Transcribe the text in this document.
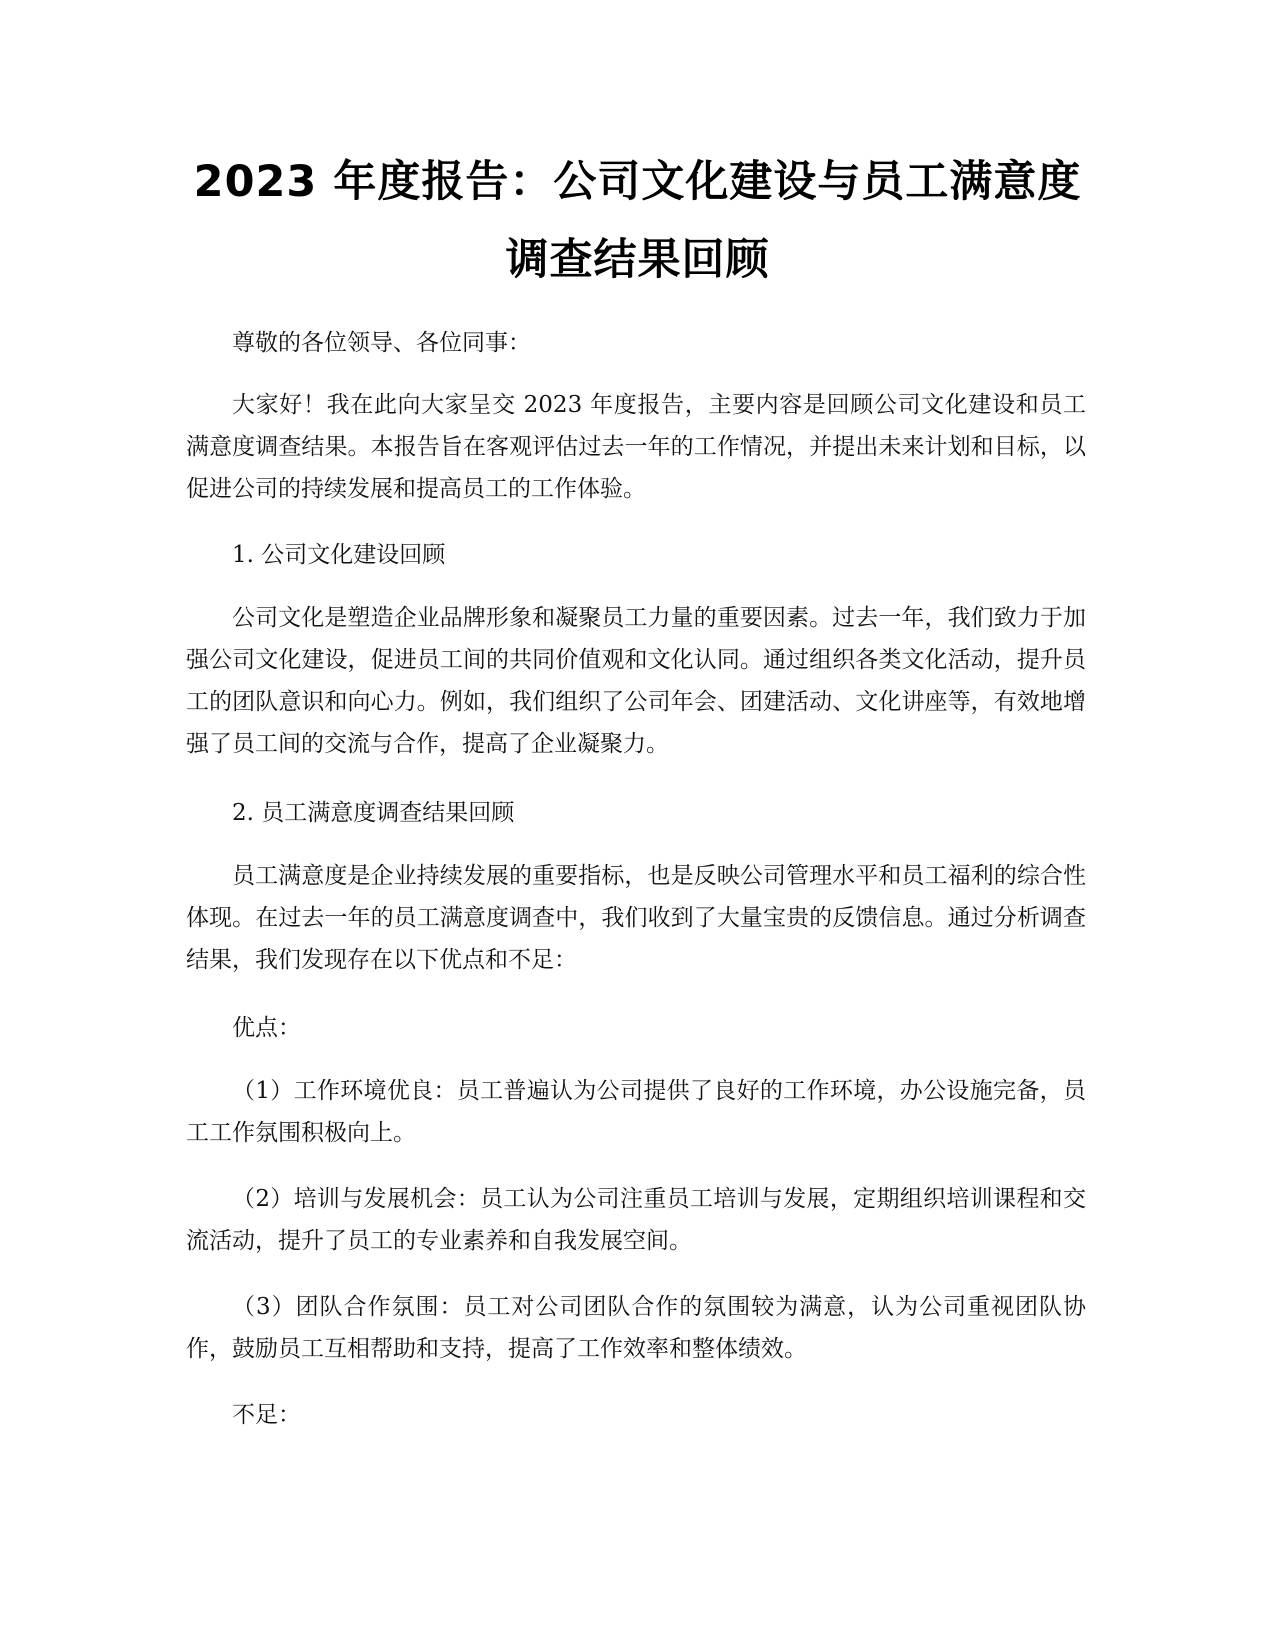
2023 年度报告：公司文化建设与员工满意度
调查结果回顾

尊敬的各位领导、各位同事：

大家好！我在此向大家呈交 2023 年度报告，主要内容是回顾公司文化建设和员工满意度调查结果。本报告旨在客观评估过去一年的工作情况，并提出未来计划和目标，以促进公司的持续发展和提高员工的工作体验。

1. 公司文化建设回顾

公司文化是塑造企业品牌形象和凝聚员工力量的重要因素。过去一年，我们致力于加强公司文化建设，促进员工间的共同价值观和文化认同。通过组织各类文化活动，提升员工的团队意识和向心力。例如，我们组织了公司年会、团建活动、文化讲座等，有效地增强了员工间的交流与合作，提高了企业凝聚力。

2. 员工满意度调查结果回顾

员工满意度是企业持续发展的重要指标，也是反映公司管理水平和员工福利的综合性体现。在过去一年的员工满意度调查中，我们收到了大量宝贵的反馈信息。通过分析调查结果，我们发现存在以下优点和不足：

优点：

（1）工作环境优良：员工普遍认为公司提供了良好的工作环境，办公设施完备，员工工作氛围积极向上。

（2）培训与发展机会：员工认为公司注重员工培训与发展，定期组织培训课程和交流活动，提升了员工的专业素养和自我发展空间。

（3）团队合作氛围：员工对公司团队合作的氛围较为满意，认为公司重视团队协作，鼓励员工互相帮助和支持，提高了工作效率和整体绩效。

不足：
